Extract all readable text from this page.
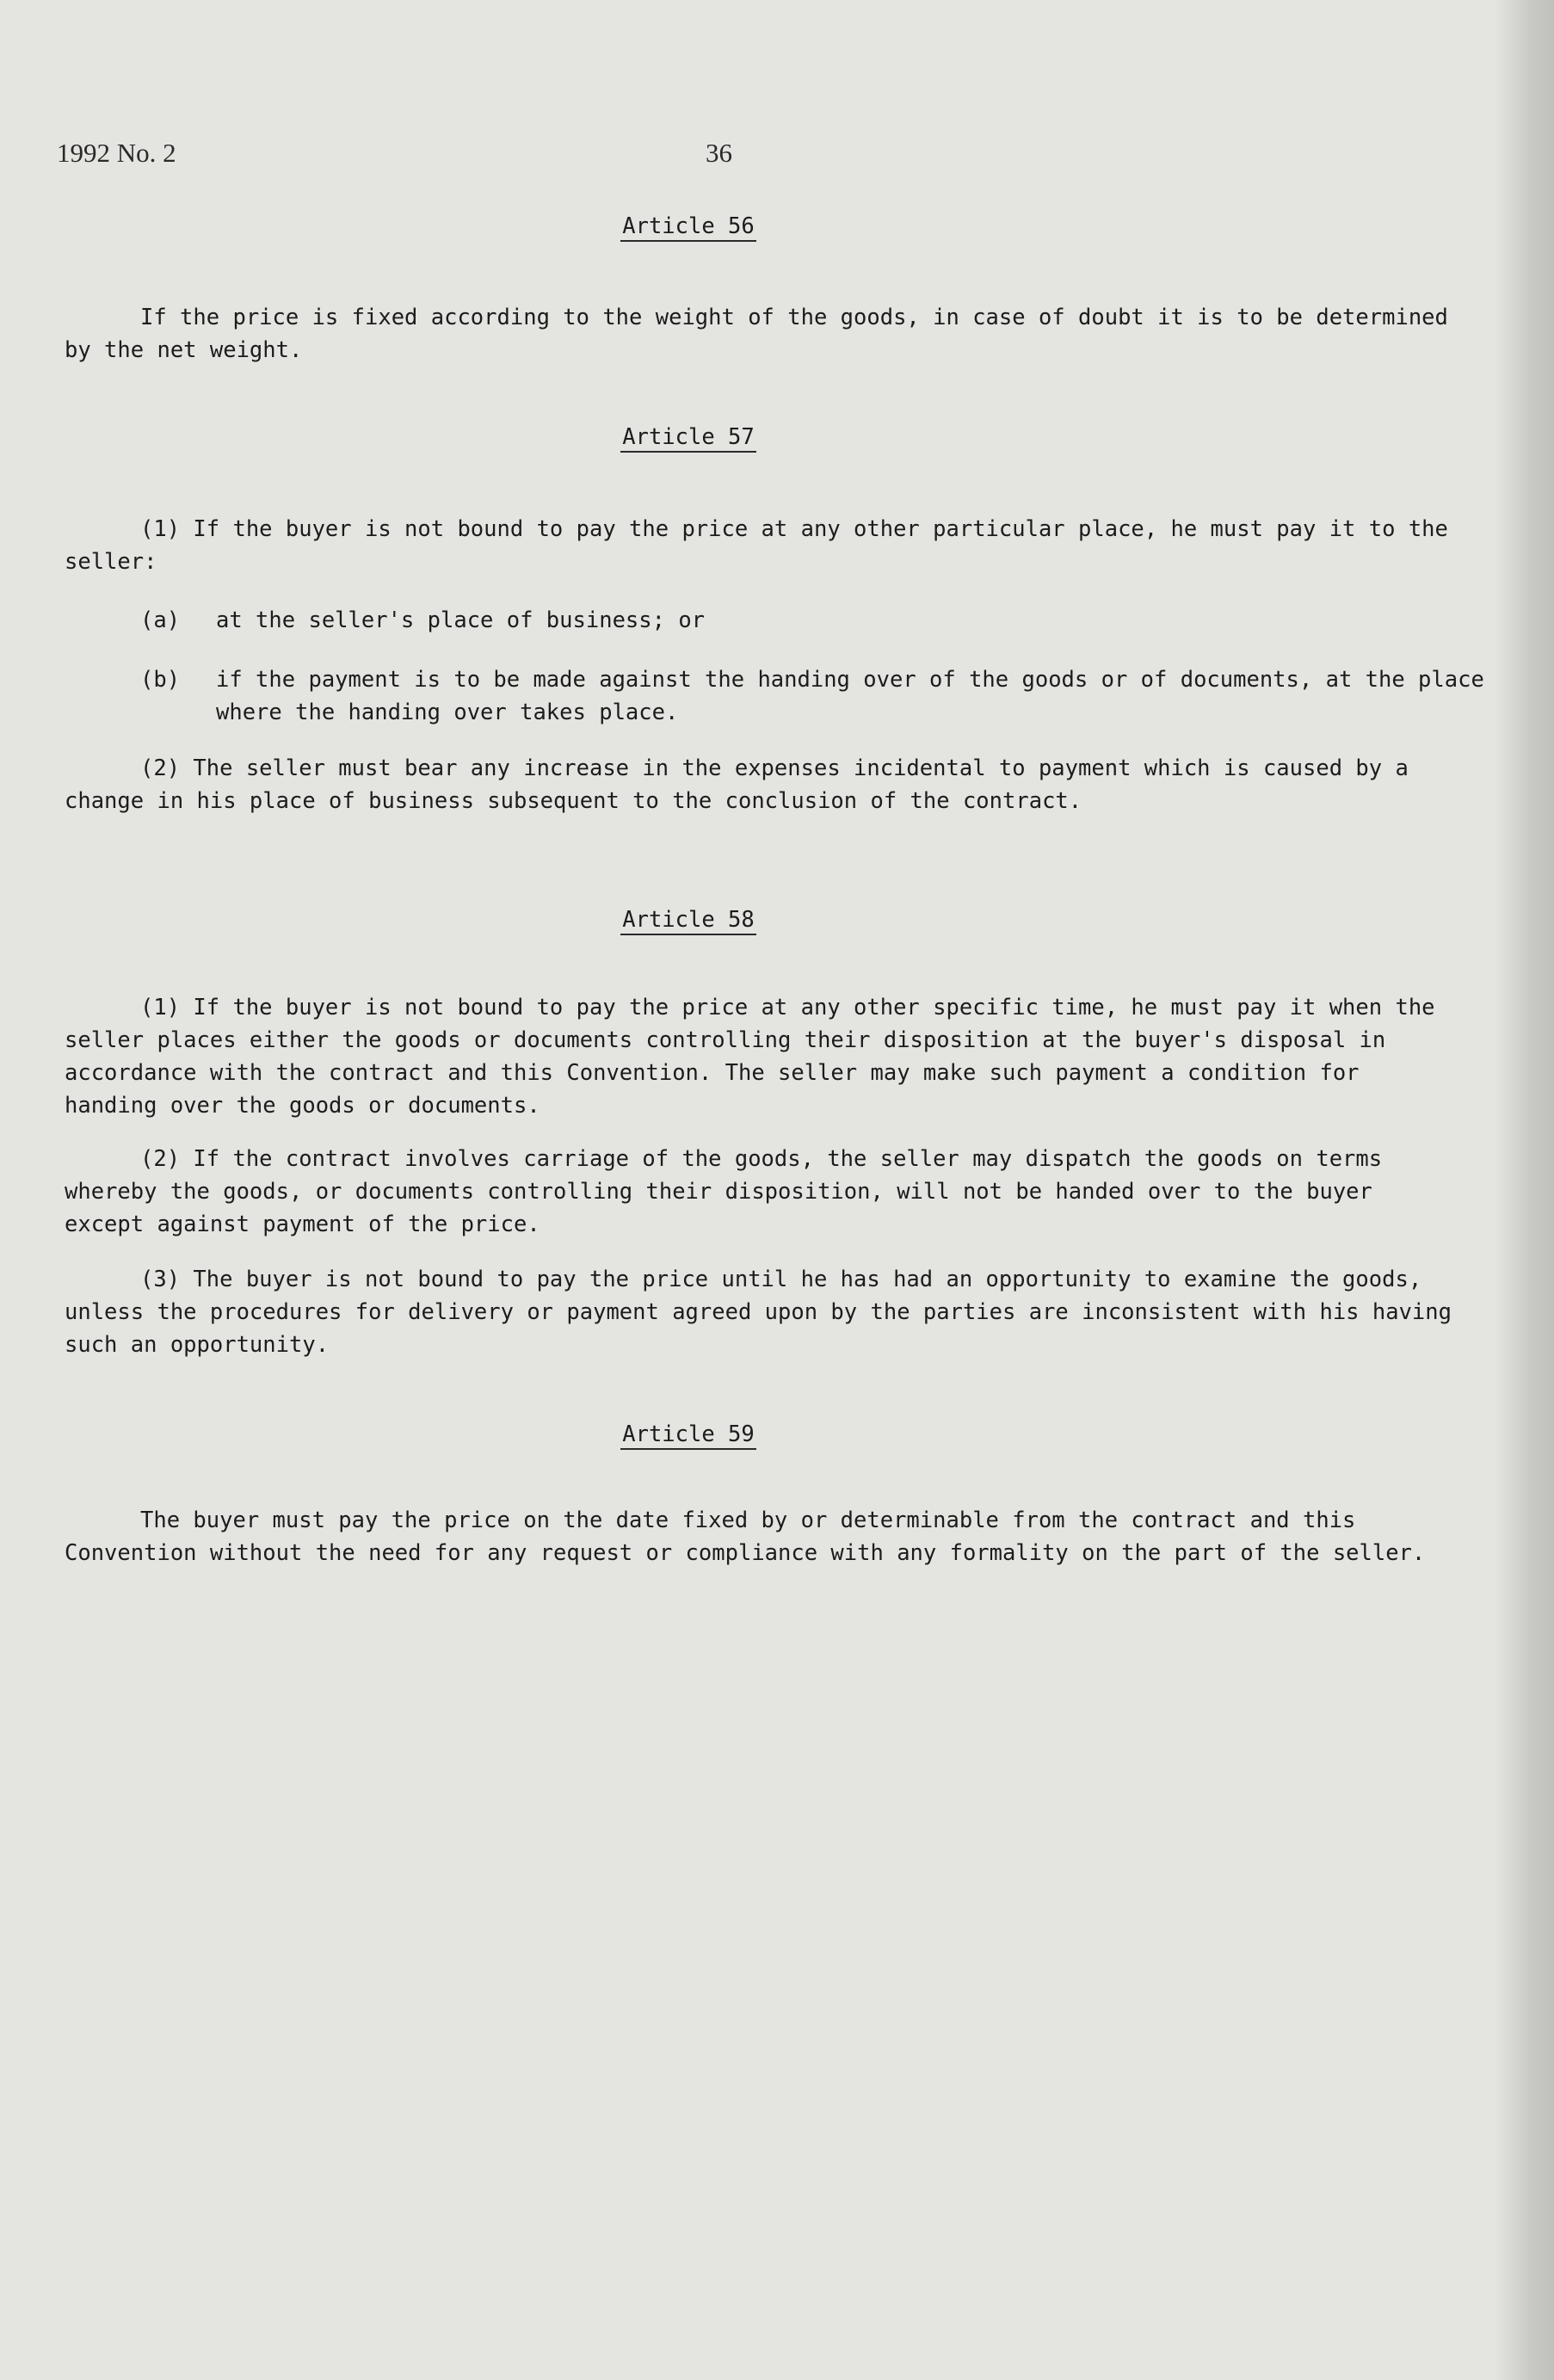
1992 No. 2	36
Article 56

If the price is fixed according to the weight of the goods, in case of doubt it is to be determined by the net weight.

Article 57

(1) If the buyer is not bound to pay the price at any other particular place, he must pay it to the seller:

(a) at the seller's place of business; or
(b) if the payment is to be made against the handing over of the goods or of documents, at the place where the handing over takes place.

(2) The seller must bear any increase in the expenses incidental to payment which is caused by a change in his place of business subsequent to the conclusion of the contract.

Article 58

(1) If the buyer is not bound to pay the price at any other specific time, he must pay it when the seller places either the goods or documents controlling their disposition at the buyer's disposal in accordance with the contract and this Convention. The seller may make such payment a condition for handing over the goods or documents.

(2) If the contract involves carriage of the goods, the seller may dispatch the goods on terms whereby the goods, or documents controlling their disposition, will not be handed over to the buyer except against payment of the price.

(3) The buyer is not bound to pay the price until he has had an opportunity to examine the goods, unless the procedures for delivery or payment agreed upon by the parties are inconsistent with his having such an opportunity.

Article 59

The buyer must pay the price on the date fixed by or determinable from the contract and this Convention without the need for any request or compliance with any formality on the part of the seller.
